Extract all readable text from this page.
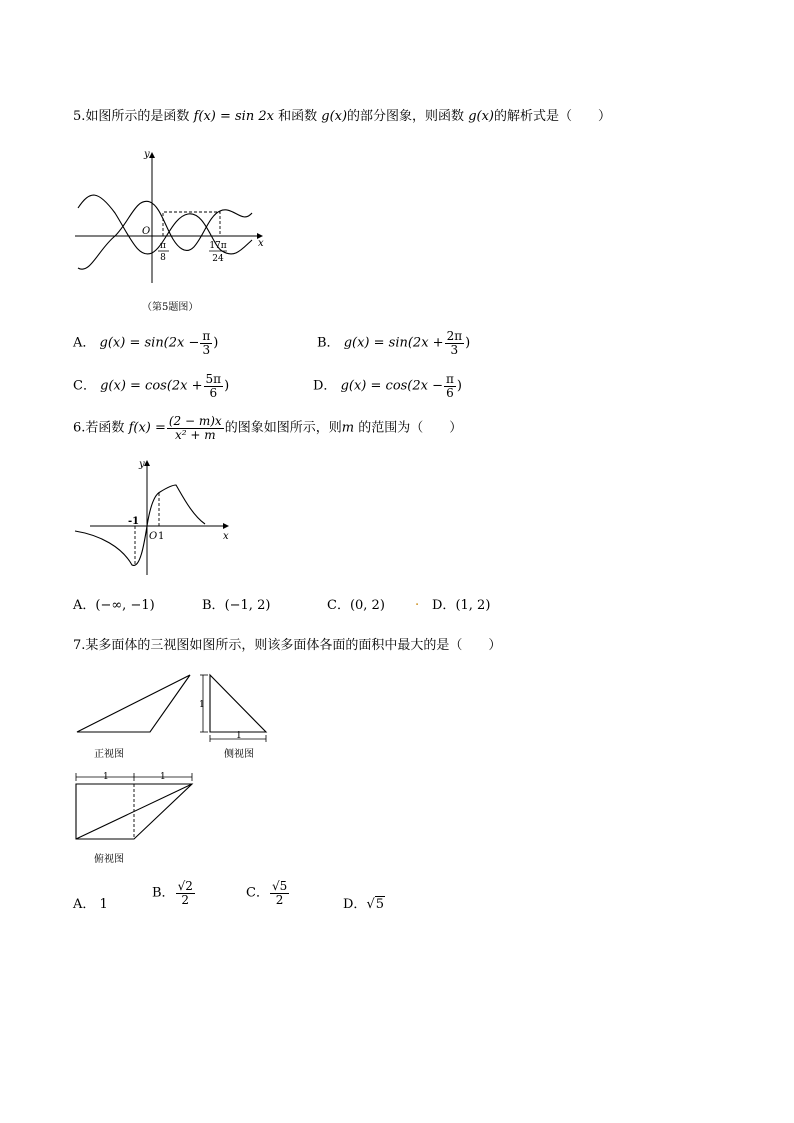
5.如图所示的是函数 f(x) = sin 2x 和函数 g(x)的部分图象，则函数 g(x)的解析式是（　　）
y
x
O
π
8
17π
24
（第5题图）
A． $g(x) = \sin(2x - \frac{\pi}{3}$ )	B． $g(x) = \sin(2x + \frac{2\pi}{3}$ )
C． $g(x) = \cos(2x + \frac{5\pi}{6}$ )	D． $g(x) = \cos(2x - \frac{\pi}{6}$ )
6.若函数 $f(x) = \frac{(2 - m)x}{\text{x² + m}}$ 的图象如图所示，则m 的范围为（　　）
y
x
O
-1
1
A．(−∞, −1)	B．(−1, 2)	C．(0, 2) . D．(1, 2)
7.某多面体的三视图如图所示，则该多面体各面的面积中最大的是（　　）
正视图
1
1
侧视图
1	1
俯视图
A． 1
B． $\frac{√2}{2}$	C． $\frac{√5}{2}$	D．√5
